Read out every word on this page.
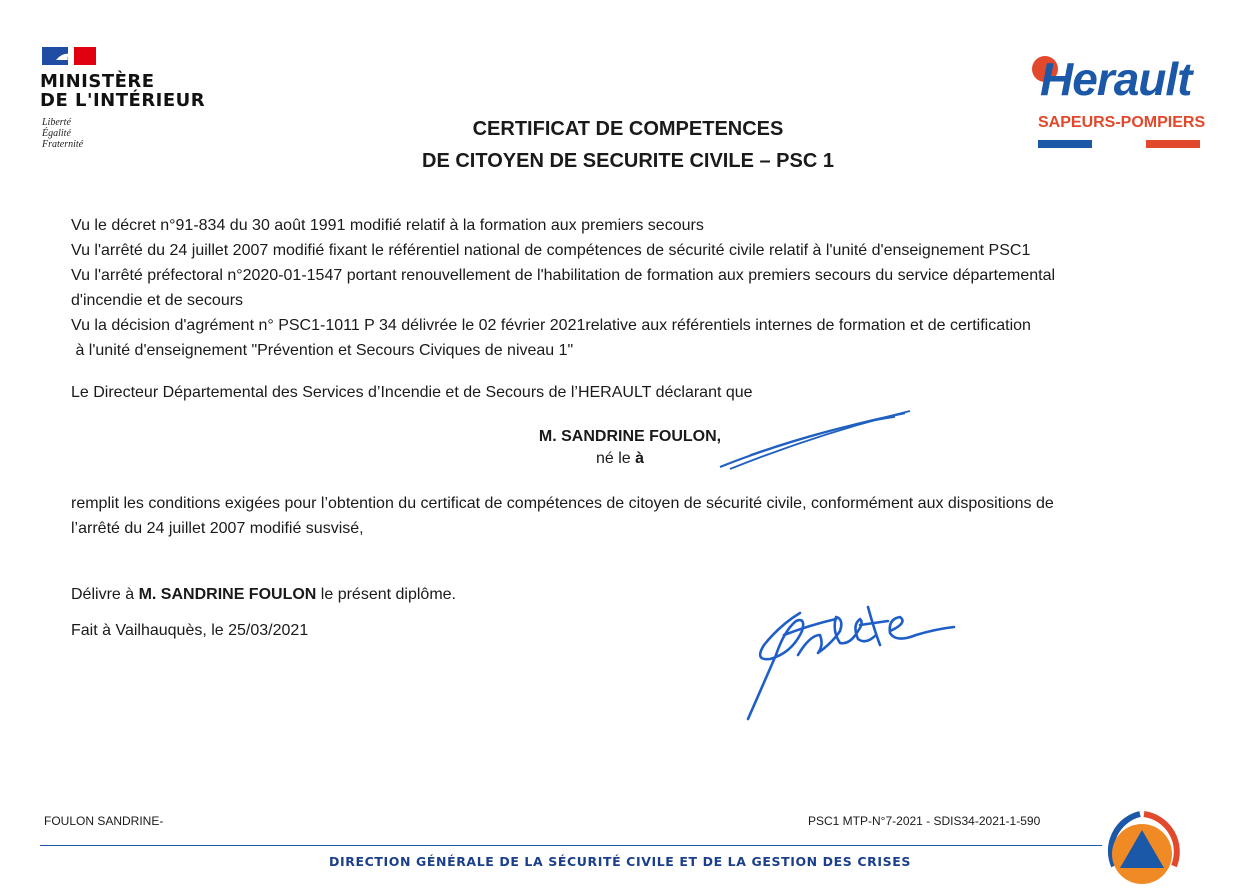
MINISTÈRE
DE L'INTÉRIEUR
Liberté
Égalité
Fraternité
Herault
SAPEURS-POMPIERS
CERTIFICAT DE COMPETENCES
DE CITOYEN DE SECURITE CIVILE – PSC 1
Vu le décret n°91-834 du 30 août 1991 modifié relatif à la formation aux premiers secours
Vu l'arrêté du 24 juillet 2007 modifié fixant le référentiel national de compétences de sécurité civile relatif à l'unité d'enseignement PSC1
Vu l'arrêté préfectoral n°2020-01-1547 portant renouvellement de l'habilitation de formation aux premiers secours du service départemental
d'incendie et de secours
Vu la décision d'agrément n° PSC1-1011 P 34 délivrée le 02 février 2021relative aux référentiels internes de formation et de certification
à l'unité d'enseignement "Prévention et Secours Civiques de niveau 1"
Le Directeur Départemental des Services d’Incendie et de Secours de l’HERAULT déclarant que
M. SANDRINE FOULON,
né le à
remplit les conditions exigées pour l’obtention du certificat de compétences de citoyen de sécurité civile, conformément aux dispositions de
l’arrêté du 24 juillet 2007 modifié susvisé,
Délivre à M. SANDRINE FOULON le présent diplôme.
Fait à Vailhauquès, le 25/03/2021
FOULON SANDRINE-	PSC1 MTP-N°7-2021 - SDIS34-2021-1-590
DIRECTION GÉNÉRALE DE LA SÉCURITÉ CIVILE ET DE LA GESTION DES CRISES
